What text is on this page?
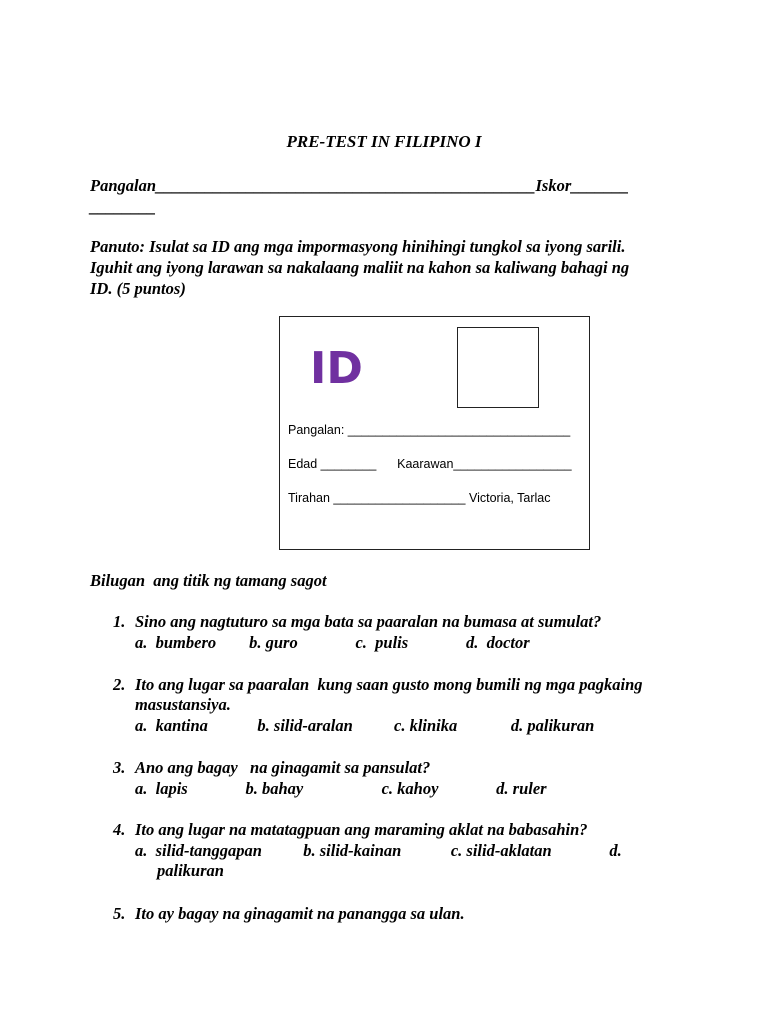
PRE-TEST IN FILIPINO I
Pangalan______________________________________________Iskor_______
________
Panuto: Isulat sa ID ang mga impormasyong hinihingi tungkol sa iyong sarili.
Iguhit ang iyong larawan sa nakalaang maliit na kahon sa kaliwang bahagi ng
ID. (5 puntos)
ID
Pangalan: ________________________________
Edad ________      Kaarawan_________________
Tirahan ___________________ Victoria, Tarlac
Bilugan  ang titik ng tamang sagot
1. Sino ang nagtuturo sa mga bata sa paaralan na bumasa at sumulat?
a.  bumbero        b. guro              c.  pulis              d.  doctor
2. Ito ang lugar sa paaralan  kung saan gusto mong bumili ng mga pagkaing
masustansiya.
a.  kantina            b. silid-aralan          c. klinika             d. palikuran
3. Ano ang bagay   na ginagamit sa pansulat?
a.  lapis              b. bahay                   c. kahoy              d. ruler
4. Ito ang lugar na matatagpuan ang maraming aklat na babasahin?
a.  silid-tanggapan          b. silid-kainan            c. silid-aklatan              d.
palikuran
5. Ito ay bagay na ginagamit na panangga sa ulan.
